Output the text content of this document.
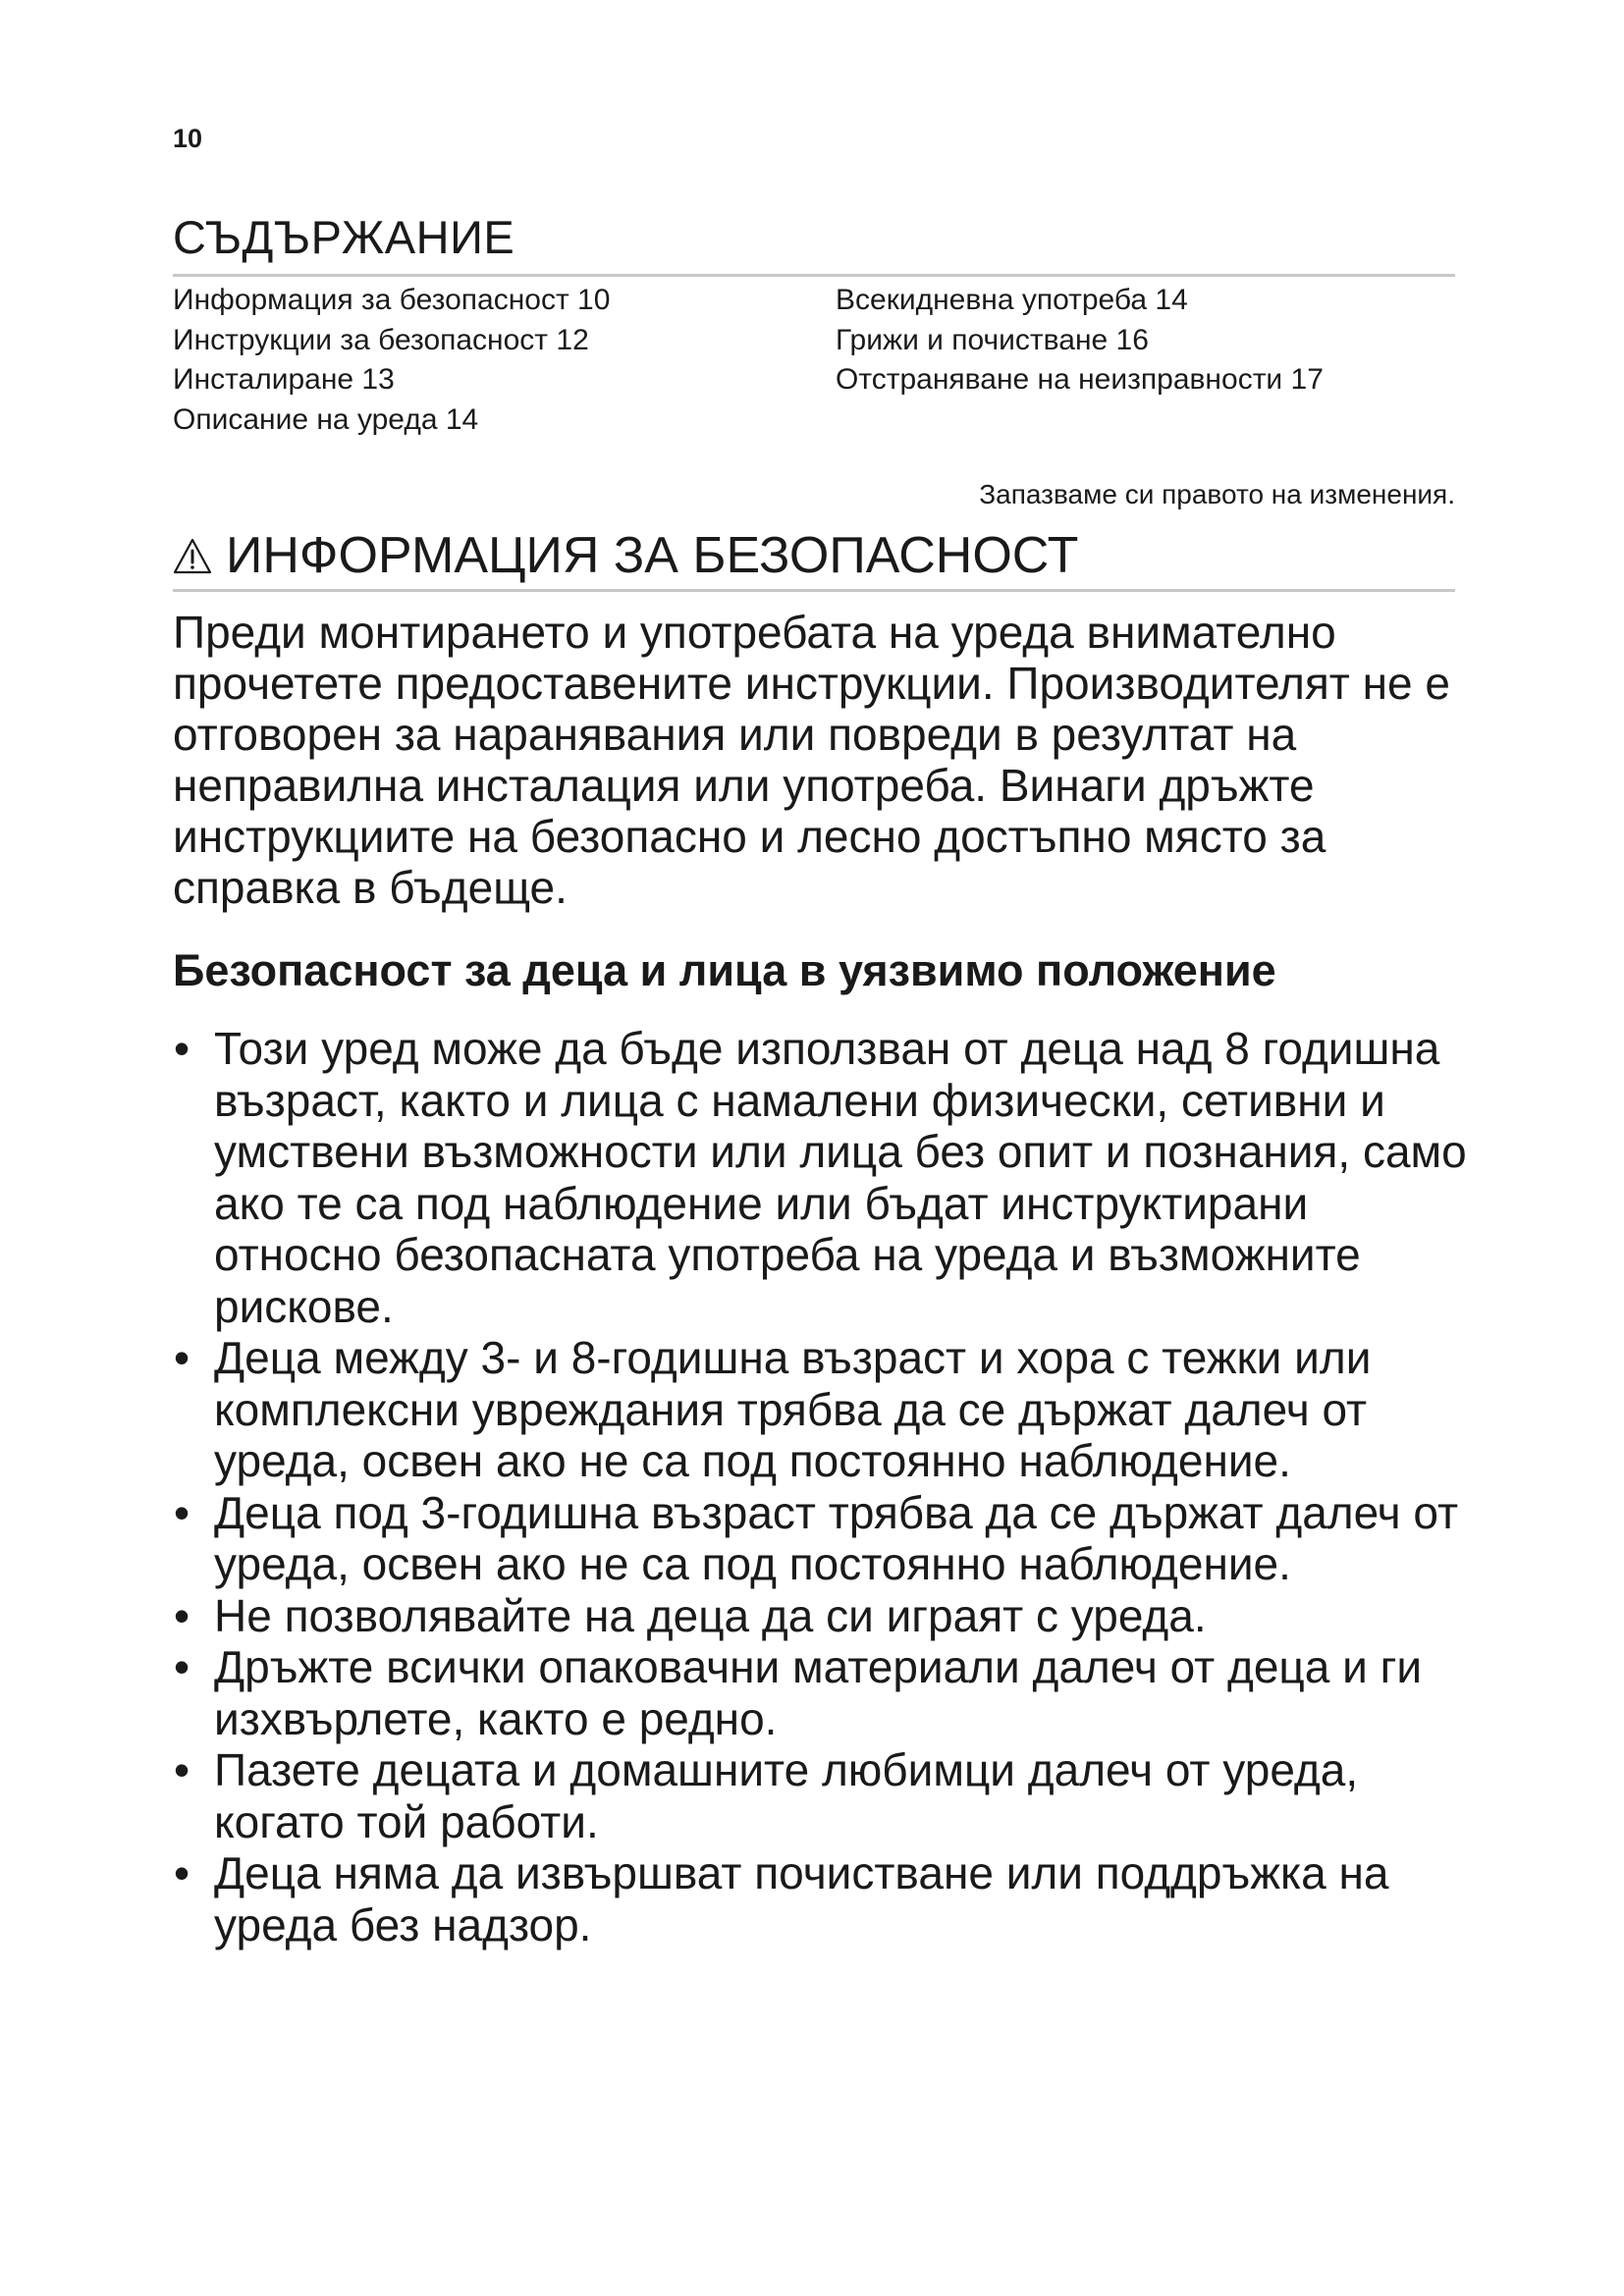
10
СЪДЪРЖАНИЕ
Информация за безопасност 10
Инструкции за безопасност 12
Инсталиране 13
Описание на уреда 14
Всекидневна употреба 14
Грижи и почистване 16
Отстраняване на неизправности 17
Запазваме си правото на изменения.
ИНФОРМАЦИЯ ЗА БЕЗОПАСНОСТ
Преди монтирането и употребата на уреда внимателно прочетете предоставените инструкции. Производителят не е отговорен за наранявания или повреди в резултат на неправилна инсталация или употреба. Винаги дръжте инструкциите на безопасно и лесно достъпно място за справка в бъдеще.
Безопасност за деца и лица в уязвимо положение
• Този уред може да бъде използван от деца над 8 годишна възраст, както и лица с намалени физически, сетивни и умствени възможности или лица без опит и познания, само ако те са под наблюдение или бъдат инструктирани относно безопасната употреба на уреда и възможните рискове.
• Деца между 3- и 8-годишна възраст и хора с тежки или комплексни увреждания трябва да се държат далеч от уреда, освен ако не са под постоянно наблюдение.
• Деца под 3-годишна възраст трябва да се държат далеч от уреда, освен ако не са под постоянно наблюдение.
• Не позволявайте на деца да си играят с уреда.
• Дръжте всички опаковачни материали далеч от деца и ги изхвърлете, както е редно.
• Пазете децата и домашните любимци далеч от уреда, когато той работи.
• Деца няма да извършват почистване или поддръжка на уреда без надзор.
